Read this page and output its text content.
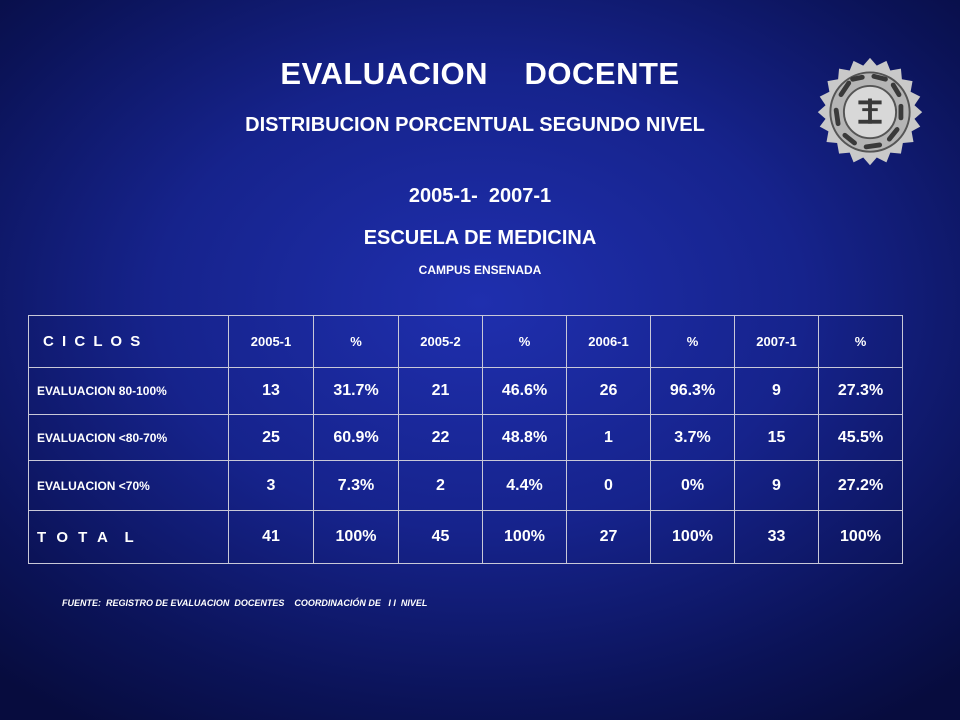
EVALUACION    DOCENTE
DISTRIBUCION PORCENTUAL SEGUNDO NIVEL
2005-1-  2007-1
ESCUELA DE MEDICINA
CAMPUS ENSENADA
C I C L O S	2005-1	%	2005-2	%	2006-1	%	2007-1	%
EVALUACION 80-100%	13	31.7%	21	46.6%	26	96.3%	9	27.3%
EVALUACION <80-70%	25	60.9%	22	48.8%	1	3.7%	15	45.5%
EVALUACION <70%	3	7.3%	2	4.4%	0	0%	9	27.2%
T O T A  L	41	100%	45	100%	27	100%	33	100%
FUENTE:  REGISTRO DE EVALUACION  DOCENTES    COORDINACIÓN DE   I I  NIVEL
